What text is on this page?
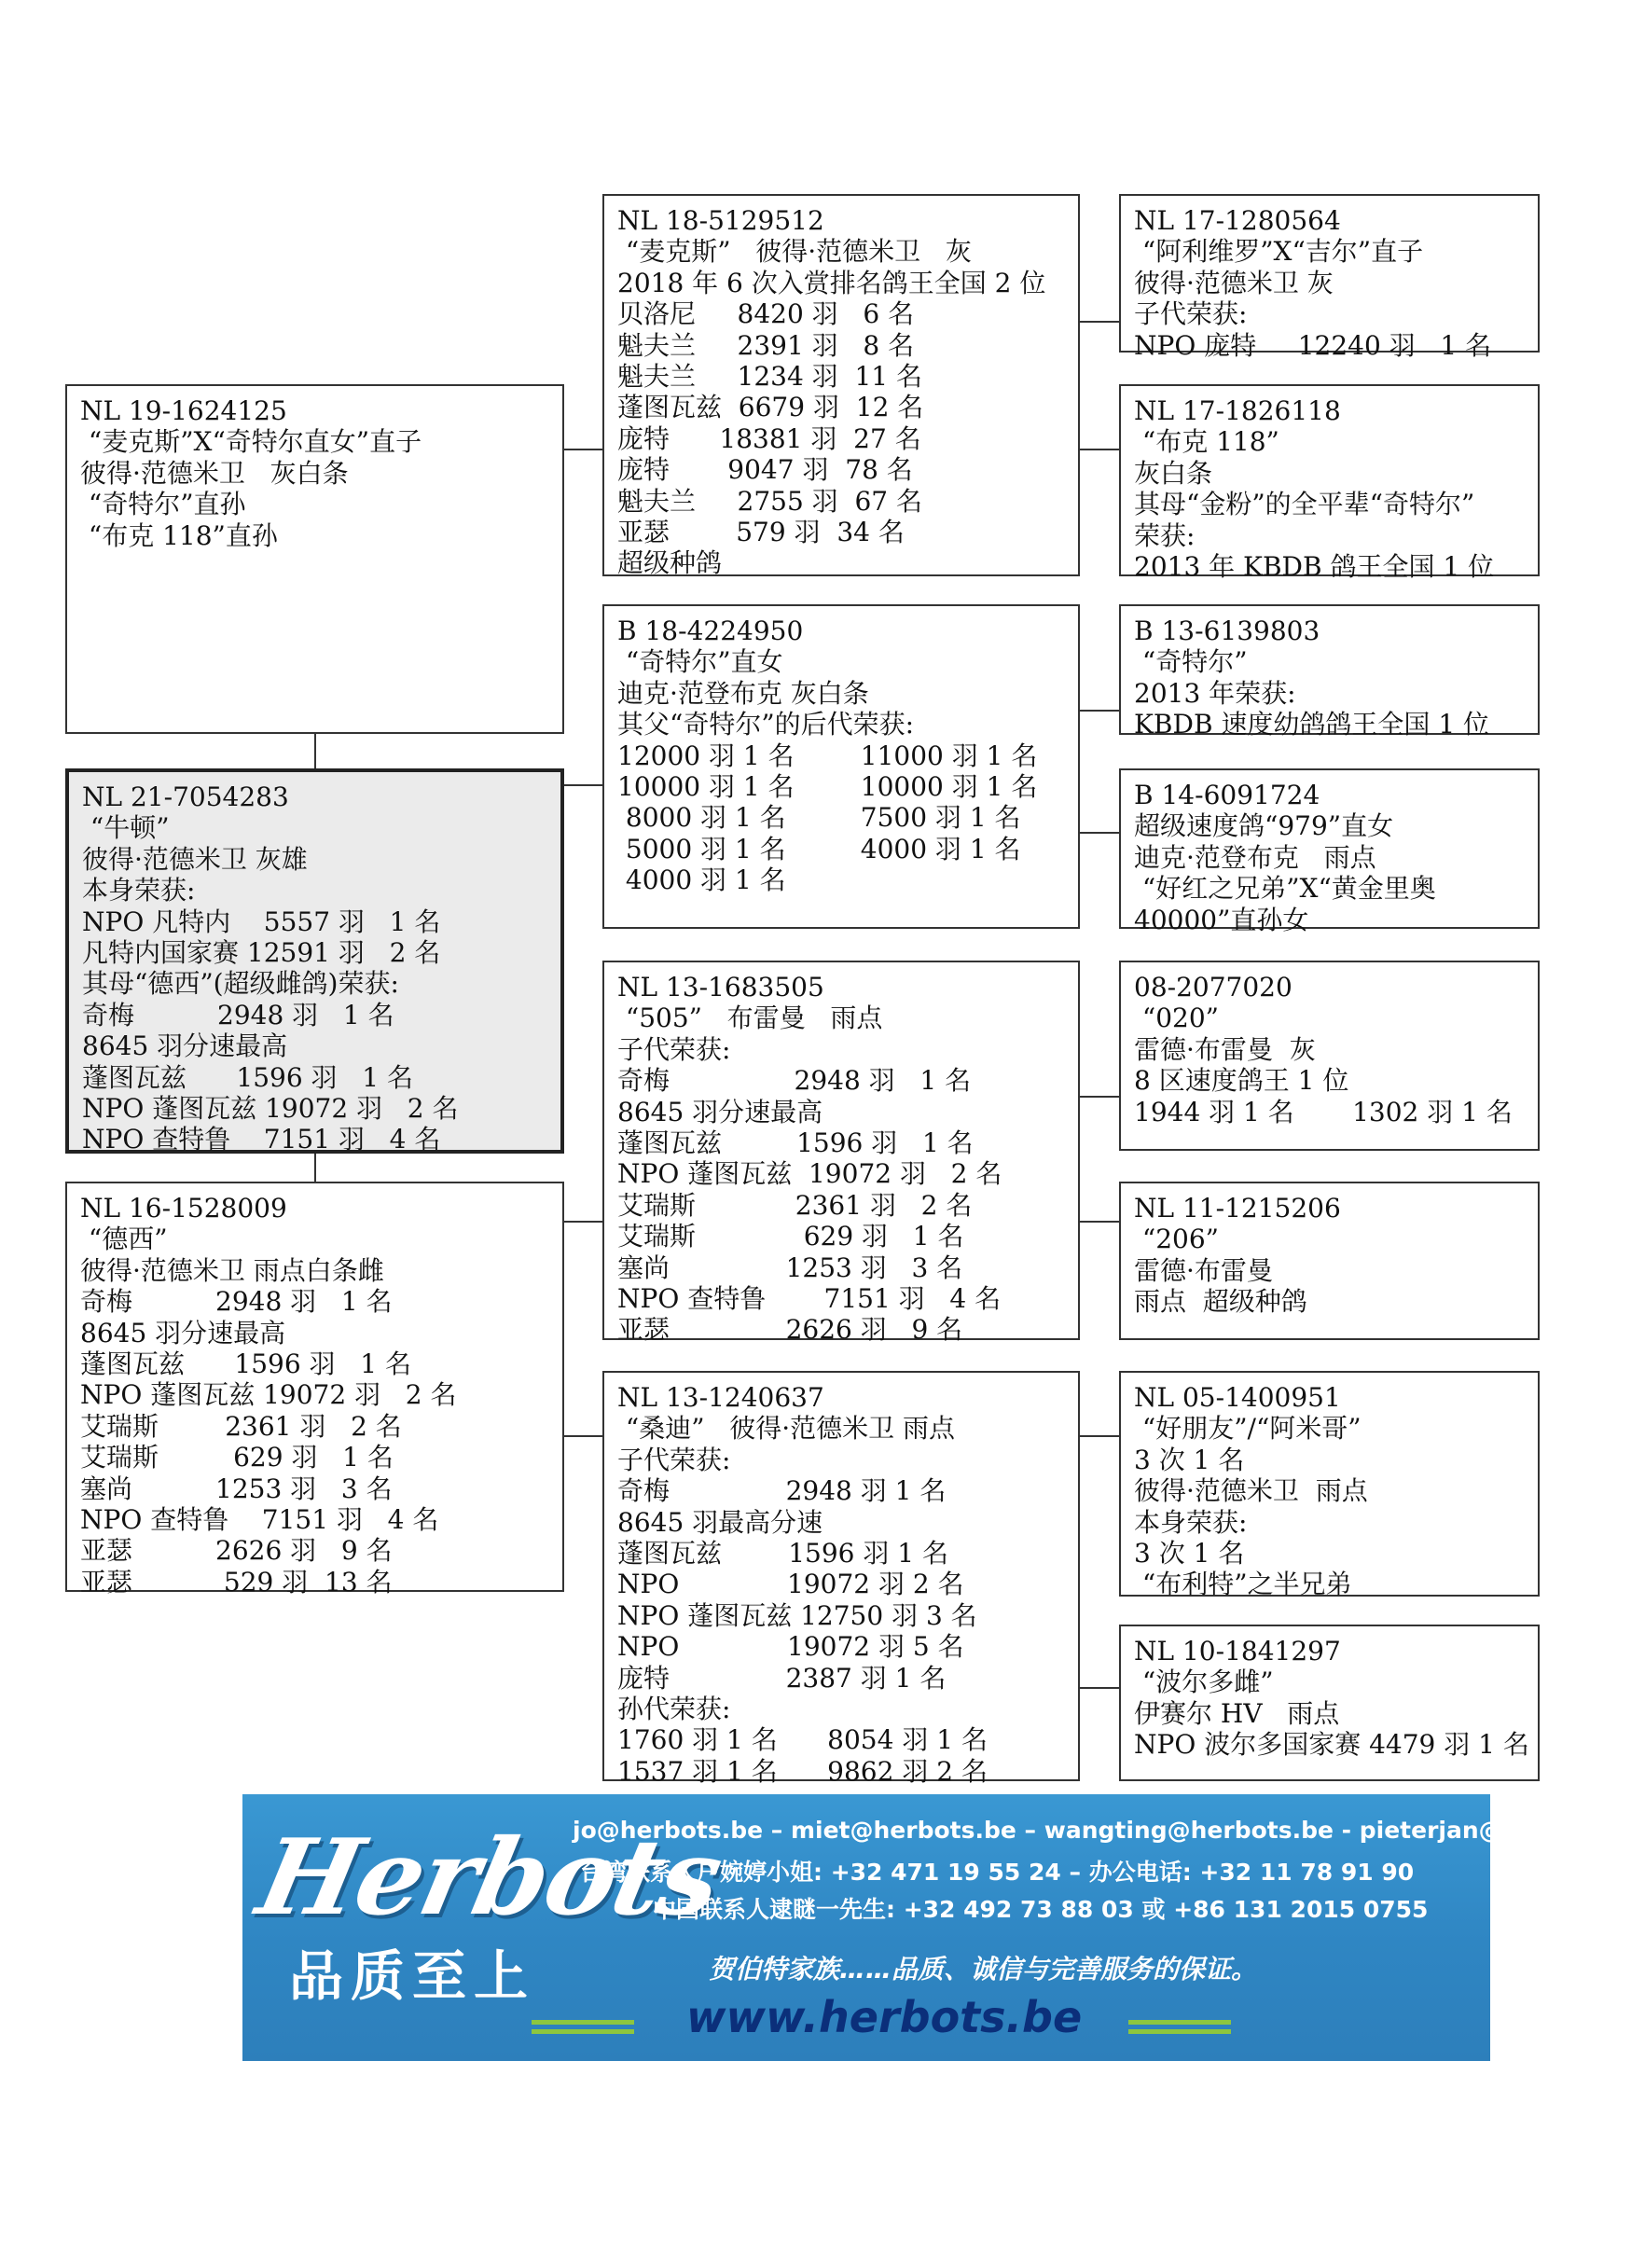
NL 19-1624125
“麦克斯”X“奇特尔直女”直子
彼得·范德米卫   灰白条
“奇特尔”直孙
“布克 118”直孙
NL 21-7054283
“牛顿”
彼得·范德米卫 灰雄
本身荣获:
NPO 凡特内    5557 羽   1 名
凡特内国家赛 12591 羽   2 名
其母“德西”(超级雌鸽)荣获:
奇梅          2948 羽   1 名
8645 羽分速最高
蓬图瓦兹      1596 羽   1 名
NPO 蓬图瓦兹 19072 羽   2 名
NPO 查特鲁    7151 羽   4 名
NL 16-1528009
“德西”
彼得·范德米卫 雨点白条雌
奇梅          2948 羽   1 名
8645 羽分速最高
蓬图瓦兹      1596 羽   1 名
NPO 蓬图瓦兹 19072 羽   2 名
艾瑞斯        2361 羽   2 名
艾瑞斯         629 羽   1 名
塞尚          1253 羽   3 名
NPO 查特鲁    7151 羽   4 名
亚瑟          2626 羽   9 名
亚瑟           529 羽  13 名
NL 18-5129512
“麦克斯”   彼得·范德米卫   灰
2018 年 6 次入赏排名鸽王全国 2 位
贝洛尼     8420 羽   6 名
魁夫兰     2391 羽   8 名
魁夫兰     1234 羽  11 名
蓬图瓦兹  6679 羽  12 名
庞特      18381 羽  27 名
庞特       9047 羽  78 名
魁夫兰     2755 羽  67 名
亚瑟        579 羽  34 名
超级种鸽
B 18-4224950
“奇特尔”直女
迪克·范登布克 灰白条
其父“奇特尔”的后代荣获:
12000 羽 1 名        11000 羽 1 名
10000 羽 1 名        10000 羽 1 名
8000 羽 1 名         7500 羽 1 名
5000 羽 1 名         4000 羽 1 名
4000 羽 1 名
NL 13-1683505
“505”   布雷曼   雨点
子代荣获:
奇梅               2948 羽   1 名
8645 羽分速最高
蓬图瓦兹         1596 羽   1 名
NPO 蓬图瓦兹  19072 羽   2 名
艾瑞斯            2361 羽   2 名
艾瑞斯             629 羽   1 名
塞尚              1253 羽   3 名
NPO 查特鲁       7151 羽   4 名
亚瑟              2626 羽   9 名
NL 13-1240637
“桑迪”   彼得·范德米卫 雨点
子代荣获:
奇梅              2948 羽 1 名
8645 羽最高分速
蓬图瓦兹        1596 羽 1 名
NPO             19072 羽 2 名
NPO 蓬图瓦兹 12750 羽 3 名
NPO             19072 羽 5 名
庞特              2387 羽 1 名
孙代荣获:
1760 羽 1 名      8054 羽 1 名
1537 羽 1 名      9862 羽 2 名
NL 17-1280564
“阿利维罗”X“吉尔”直子
彼得·范德米卫 灰
子代荣获:
NPO 庞特     12240 羽   1 名
NL 17-1826118
“布克 118”
灰白条
其母“金粉”的全平辈“奇特尔”
荣获:
2013 年 KBDB 鸽王全国 1 位
B 13-6139803
“奇特尔”
2013 年荣获:
KBDB 速度幼鸽鸽王全国 1 位
B 14-6091724
超级速度鸽“979”直女
迪克·范登布克   雨点
“好红之兄弟”X“黄金里奥
40000”直孙女
08-2077020
“020”
雷德·布雷曼  灰
8 区速度鸽王 1 位
1944 羽 1 名       1302 羽 1 名
NL 11-1215206
“206”
雷德·布雷曼
雨点  超级种鸽
NL 05-1400951
“好朋友”/“阿米哥”
3 次 1 名
彼得·范德米卫  雨点
本身荣获:
3 次 1 名
“布利特”之半兄弟
NL 10-1841297
“波尔多雌”
伊赛尔 HV   雨点
NPO 波尔多国家赛 4479 羽 1 名
Herbots
品质至上
jo@herbots.be – miet@herbots.be – wangting@herbots.be - pieterjan@herbots.be
台湾联系人户婉婷小姐: +32 471 19 55 24 – 办公电话: +32 11 78 91 90
中国联系人逮瞇一先生: +32 492 73 88 03 或 +86 131 2015 0755
贺伯特家族……品质、诚信与完善服务的保证。
www.herbots.be
